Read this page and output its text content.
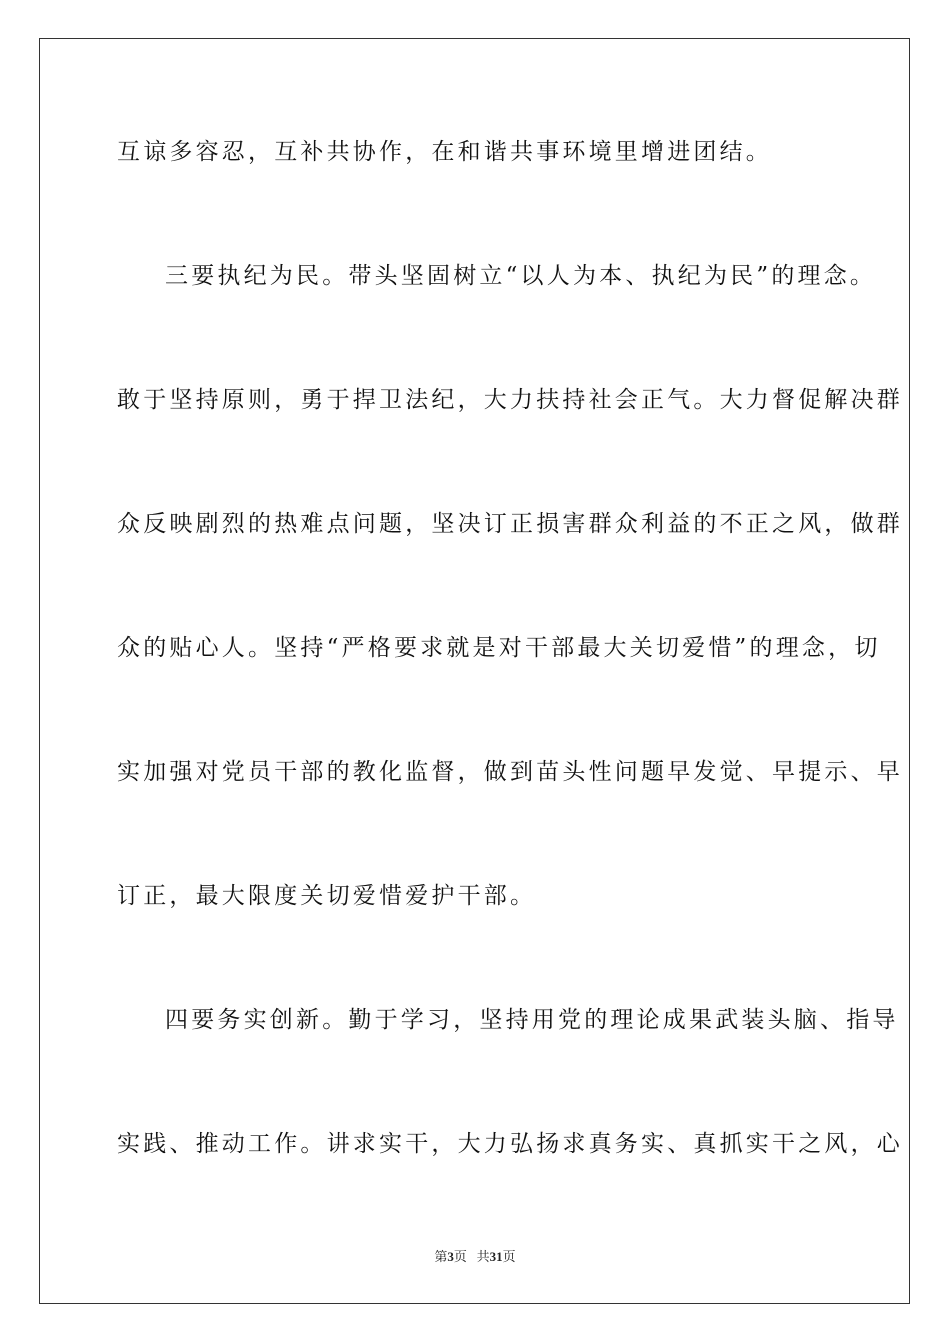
互谅多容忍，互补共协作，在和谐共事环境里增进团结。
三要执纪为民。带头坚固树立“以人为本、执纪为民”的理念。
敢于坚持原则，勇于捍卫法纪，大力扶持社会正气。大力督促解决群
众反映剧烈的热难点问题，坚决订正损害群众利益的不正之风，做群
众的贴心人。坚持“严格要求就是对干部最大关切爱惜”的理念，切
实加强对党员干部的教化监督，做到苗头性问题早发觉、早提示、早
订正，最大限度关切爱惜爱护干部。
四要务实创新。勤于学习，坚持用党的理论成果武装头脑、指导
实践、推动工作。讲求实干，大力弘扬求真务实、真抓实干之风，心
第3页 共31页
